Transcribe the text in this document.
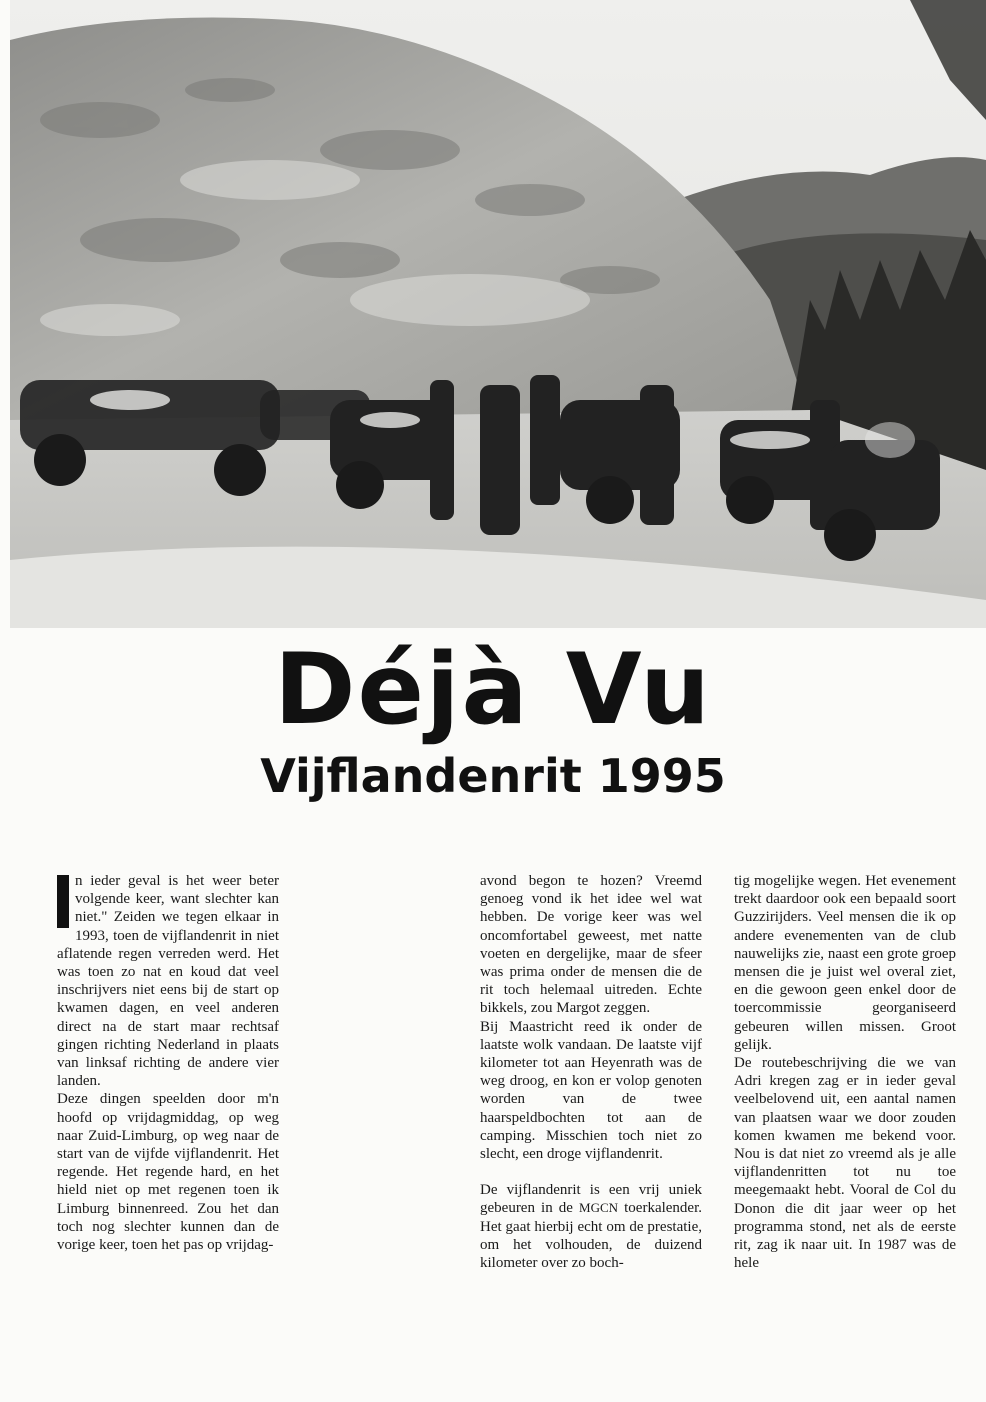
Déjà Vu
Vijflandenrit 1995

n ieder geval is het weer beter volgende keer, want slechter kan niet." Zeiden we tegen elkaar in 1993, toen de vijflandenrit in niet aflatende regen verreden werd. Het was toen zo nat en koud dat veel inschrijvers niet eens bij de start op kwamen dagen, en veel anderen direct na de start maar rechtsaf gingen richting Nederland in plaats van linksaf richting de andere vier landen.

Deze dingen speelden door m'n hoofd op vrijdagmiddag, op weg naar Zuid-Limburg, op weg naar de start van de vijfde vijflandenrit. Het regende. Het regende hard, en het hield niet op met regenen toen ik Limburg binnenreed. Zou het dan toch nog slechter kunnen dan de vorige keer, toen het pas op vrijdag-

avond begon te hozen? Vreemd genoeg vond ik het idee wel wat hebben. De vorige keer was wel oncomfortabel geweest, met natte voeten en dergelijke, maar de sfeer was prima onder de mensen die de rit toch helemaal uitreden. Echte bikkels, zou Margot zeggen.

Bij Maastricht reed ik onder de laatste wolk vandaan. De laatste vijf kilometer tot aan Heyenrath was de weg droog, en kon er volop genoten worden van de twee haarspeldbochten tot aan de camping. Misschien toch niet zo slecht, een droge vijflandenrit.

De vijflandenrit is een vrij uniek gebeuren in de MGCN toerkalender. Het gaat hierbij echt om de prestatie, om het volhouden, de duizend kilometer over zo boch-

tig mogelijke wegen. Het evenement trekt daardoor ook een bepaald soort Guzzirijders. Veel mensen die ik op andere evenementen van de club nauwelijks zie, naast een grote groep mensen die je juist wel overal ziet, en die gewoon geen enkel door de toercommissie georganiseerd gebeuren willen missen. Groot gelijk.

De routebeschrijving die we van Adri kregen zag er in ieder geval veelbelovend uit, een aantal namen van plaatsen waar we door zouden komen kwamen me bekend voor. Nou is dat niet zo vreemd als je alle vijflandenritten tot nu toe meegemaakt hebt. Vooral de Col du Donon die dit jaar weer op het programma stond, net als de eerste rit, zag ik naar uit. In 1987 was de hele
